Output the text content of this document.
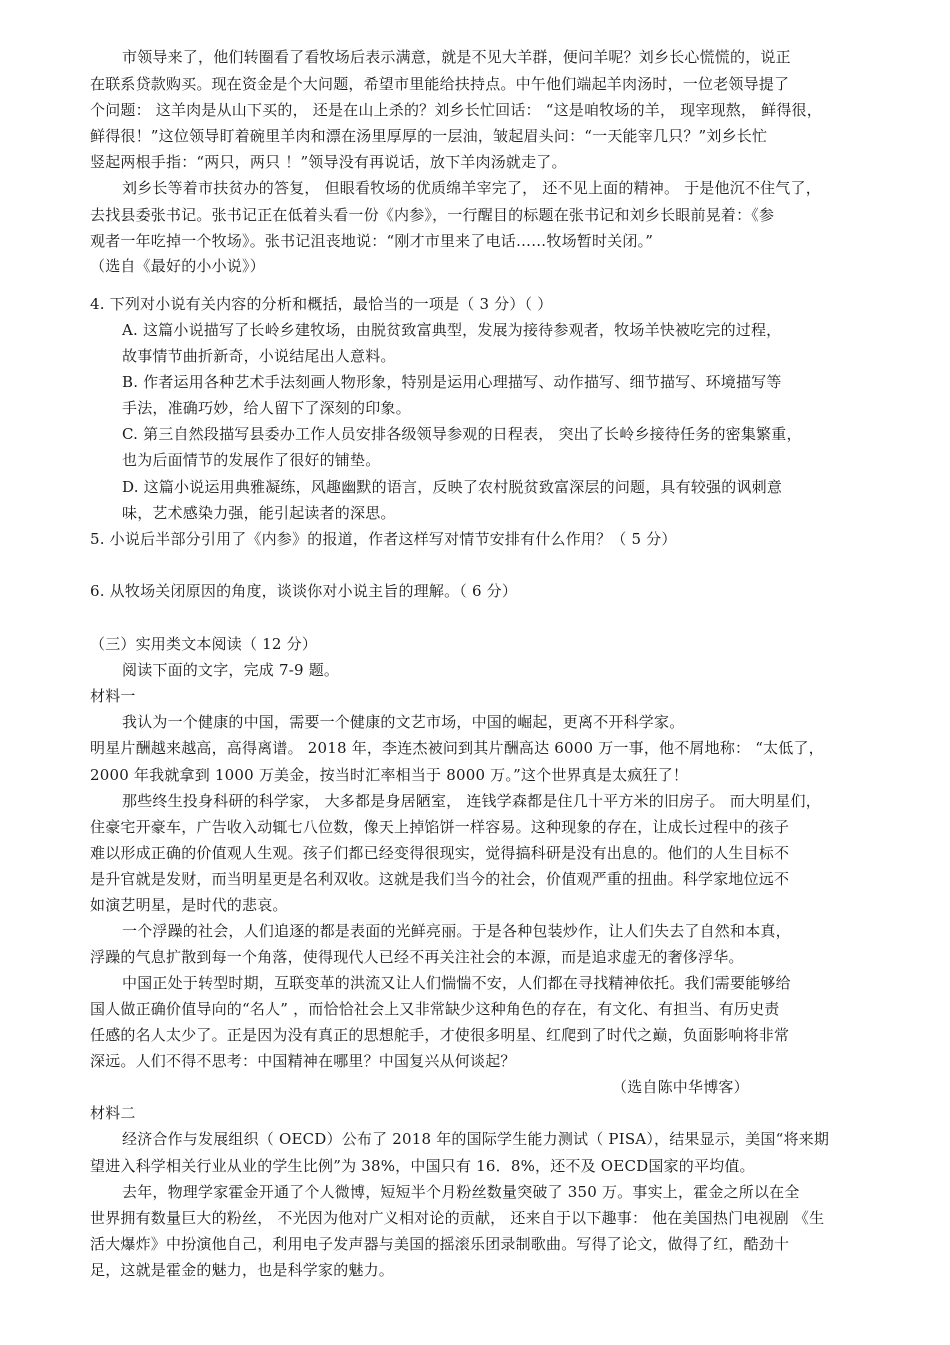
市领导来了，他们转圈看了看牧场后表示满意，就是不见大羊群，便问羊呢？刘乡长心慌慌的，说正
在联系贷款购买。现在资金是个大问题，希望市里能给扶持点。中午他们端起羊肉汤时，一位老领导提了
个问题： 这羊肉是从山下买的， 还是在山上杀的？刘乡长忙回话： “这是咱牧场的羊， 现宰现熬， 鲜得很，
鲜得很！”这位领导盯着碗里羊肉和漂在汤里厚厚的一层油，皱起眉头问：“一天能宰几只？”刘乡长忙
竖起两根手指：“两只，两只 ！”领导没有再说话，放下羊肉汤就走了。
刘乡长等着市扶贫办的答复， 但眼看牧场的优质绵羊宰完了， 还不见上面的精神。 于是他沉不住气了，
去找县委张书记。张书记正在低着头看一份《内参》，一行醒目的标题在张书记和刘乡长眼前晃着：《参
观者一年吃掉一个牧场》。张书记沮丧地说：“刚才市里来了电话……牧场暂时关闭。”
（选自《最好的小小说》）
4. 下列对小说有关内容的分析和概括，最恰当的一项是（ 3 分）（ ）
A. 这篇小说描写了长岭乡建牧场，由脱贫致富典型，发展为接待参观者，牧场羊快被吃完的过程，
故事情节曲折新奇，小说结尾出人意料。
B. 作者运用各种艺术手法刻画人物形象，特别是运用心理描写、动作描写、细节描写、环境描写等
手法，准确巧妙，给人留下了深刻的印象。
C. 第三自然段描写县委办工作人员安排各级领导参观的日程表， 突出了长岭乡接待任务的密集繁重，
也为后面情节的发展作了很好的铺垫。
D. 这篇小说运用典雅凝练，风趣幽默的语言，反映了农村脱贫致富深层的问题，具有较强的讽刺意
味，艺术感染力强，能引起读者的深思。
5. 小说后半部分引用了《内参》的报道，作者这样写对情节安排有什么作用？（ 5 分）
6. 从牧场关闭原因的角度，谈谈你对小说主旨的理解。（ 6 分）
（三）实用类文本阅读（ 12 分）
阅读下面的文字，完成 7-9 题。
材料一
我认为一个健康的中国，需要一个健康的文艺市场，中国的崛起，更离不开科学家。
明星片酬越来越高，高得离谱。 2018 年，李连杰被问到其片酬高达 6000 万一事，他不屑地称： “太低了，
2000 年我就拿到 1000 万美金，按当时汇率相当于 8000 万。”这个世界真是太疯狂了！
那些终生投身科研的科学家， 大多都是身居陋室， 连钱学森都是住几十平方米的旧房子。 而大明星们，
住豪宅开豪车，广告收入动辄七八位数，像天上掉馅饼一样容易。这种现象的存在，让成长过程中的孩子
难以形成正确的价值观人生观。孩子们都已经变得很现实，觉得搞科研是没有出息的。他们的人生目标不
是升官就是发财，而当明星更是名利双收。这就是我们当今的社会，价值观严重的扭曲。科学家地位远不
如演艺明星，是时代的悲哀。
一个浮躁的社会，人们追逐的都是表面的光鲜亮丽。于是各种包装炒作，让人们失去了自然和本真，
浮躁的气息扩散到每一个角落，使得现代人已经不再关注社会的本源，而是追求虚无的奢侈浮华。
中国正处于转型时期，互联变革的洪流又让人们惴惴不安，人们都在寻找精神依托。我们需要能够给
国人做正确价值导向的“名人” ，而恰恰社会上又非常缺少这种角色的存在，有文化、有担当、有历史责
任感的名人太少了。正是因为没有真正的思想舵手，才使很多明星、红爬到了时代之巅，负面影响将非常
深远。人们不得不思考：中国精神在哪里？中国复兴从何谈起？
（选自陈中华博客）
材料二
经济合作与发展组织（ OECD）公布了 2018 年的国际学生能力测试（ PISA），结果显示，美国“将来期
望进入科学相关行业从业的学生比例”为 38%，中国只有 16．8%，还不及 OECD国家的平均值。
去年，物理学家霍金开通了个人微博，短短半个月粉丝数量突破了 350 万。事实上，霍金之所以在全
世界拥有数量巨大的粉丝， 不光因为他对广义相对论的贡献， 还来自于以下趣事： 他在美国热门电视剧 《生
活大爆炸》中扮演他自己，利用电子发声器与美国的摇滚乐团录制歌曲。写得了论文，做得了红，酷劲十
足，这就是霍金的魅力，也是科学家的魅力。
